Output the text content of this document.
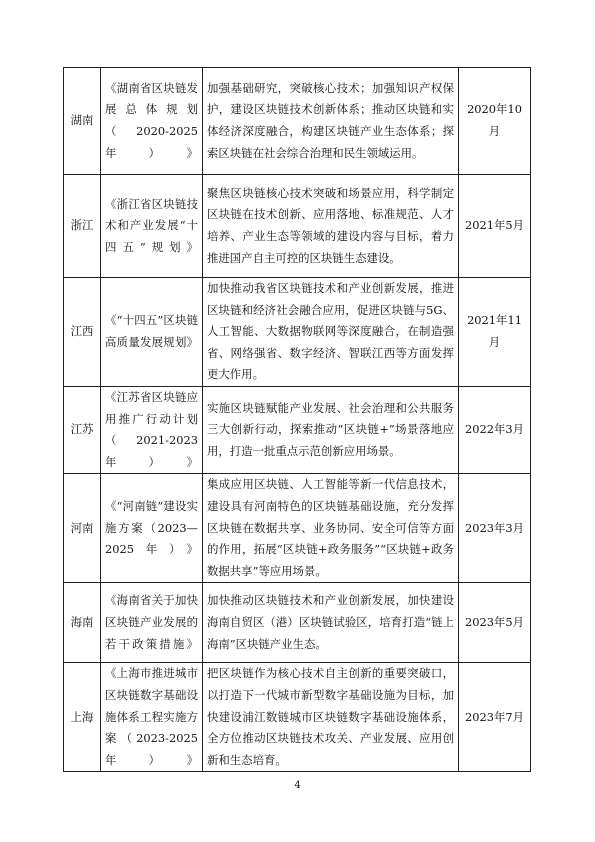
湖南	《湖南省区块链发展总体规划（2020-2025年）》	加强基础研究，突破核心技术；加强知识产权保护，建设区块链技术创新体系；推动区块链和实体经济深度融合，构建区块链产业生态体系；探索区块链在社会综合治理和民生领域运用。	2020年10月
浙江	《浙江省区块链技术和产业发展“十四五”规划》	聚焦区块链核心技术突破和场景应用，科学制定区块链在技术创新、应用落地、标准规范、人才培养、产业生态等领域的建设内容与目标，着力推进国产自主可控的区块链生态建设。	2021年5月
江西	《“十四五”区块链高质量发展规划》	加快推动我省区块链技术和产业创新发展，推进区块链和经济社会融合应用，促进区块链与5G、人工智能、大数据物联网等深度融合，在制造强省、网络强省、数字经济、智联江西等方面发挥更大作用。	2021年11月
江苏	《江苏省区块链应用推广行动计划（2021-2023年）》	实施区块链赋能产业发展、社会治理和公共服务三大创新行动，探索推动“区块链+”场景落地应用，打造一批重点示范创新应用场景。	2022年3月
河南	《“河南链”建设实施方案（2023—2025年）》	集成应用区块链、人工智能等新一代信息技术，建设具有河南特色的区块链基础设施，充分发挥区块链在数据共享、业务协同、安全可信等方面的作用，拓展“区块链+政务服务”“区块链+政务数据共享”等应用场景。	2023年3月
海南	《海南省关于加快区块链产业发展的若干政策措施》	加快推动区块链技术和产业创新发展，加快建设海南自贸区（港）区块链试验区，培育打造“链上海南”区块链产业生态。	2023年5月
上海	《上海市推进城市区块链数字基础设施体系工程实施方案（2023-2025年）》	把区块链作为核心技术自主创新的重要突破口，以打造下一代城市新型数字基础设施为目标，加快建设浦江数链城市区块链数字基础设施体系，全方位推动区块链技术攻关、产业发展、应用创新和生态培育。	2023年7月
4
